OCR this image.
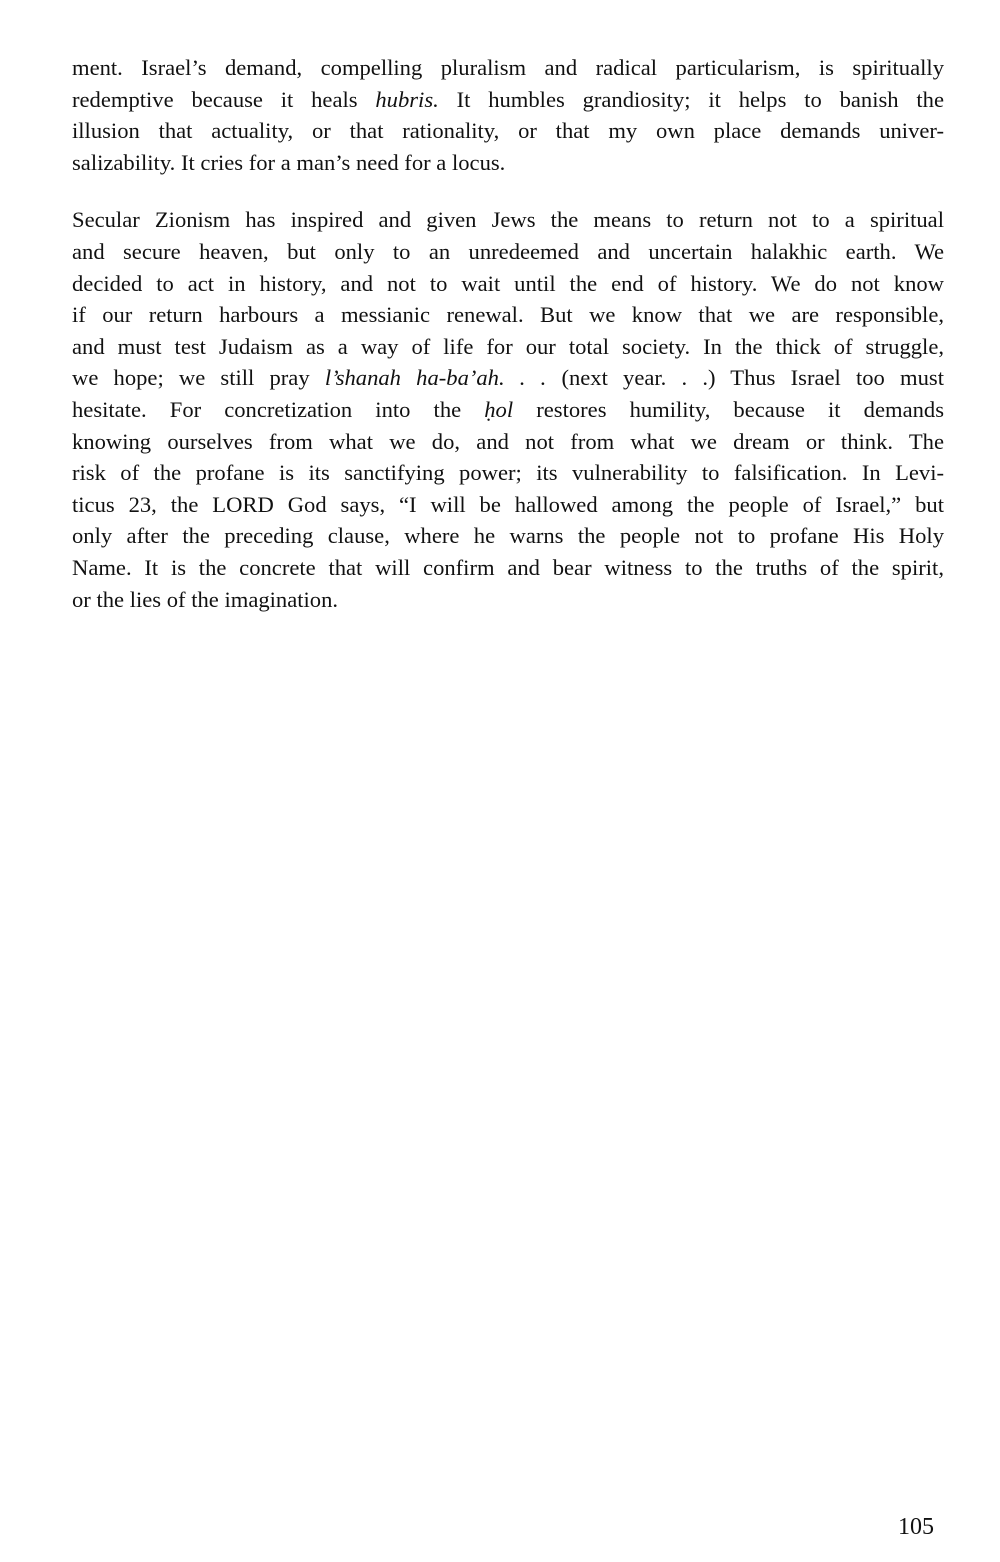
ment. Israel’s demand, compelling pluralism and radical particularism, is spiritually
redemptive because it heals hubris. It humbles grandiosity; it helps to banish the
illusion that actuality, or that rationality, or that my own place demands univer-
salizability. It cries for a man’s need for a locus.

Secular Zionism has inspired and given Jews the means to return not to a spiritual
and secure heaven, but only to an unredeemed and uncertain halakhic earth. We
decided to act in history, and not to wait until the end of history. We do not know
if our return harbours a messianic renewal. But we know that we are responsible,
and must test Judaism as a way of life for our total society. In the thick of struggle,
we hope; we still pray l’shanah ha-ba’ah. . . (next year. . .) Thus Israel too must
hesitate. For concretization into the ḥol restores humility, because it demands
knowing ourselves from what we do, and not from what we dream or think. The
risk of the profane is its sanctifying power; its vulnerability to falsification. In Levi-
ticus 23, the LORD God says, “I will be hallowed among the people of Israel,” but
only after the preceding clause, where he warns the people not to profane His Holy
Name. It is the concrete that will confirm and bear witness to the truths of the spirit,
or the lies of the imagination.

105
